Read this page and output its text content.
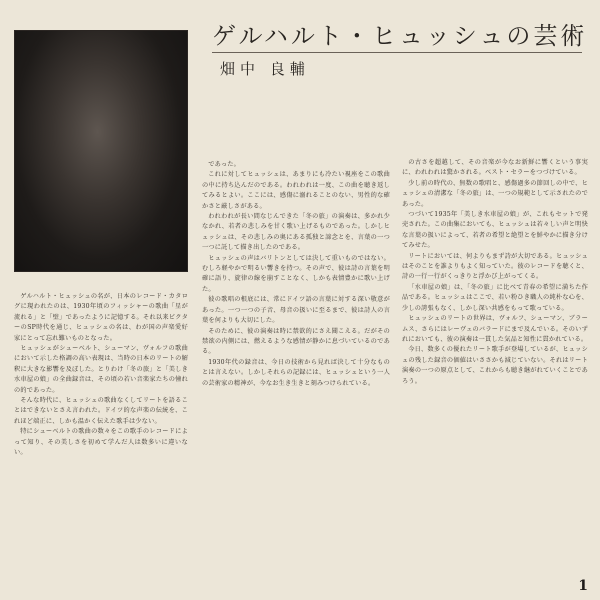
ゲルハルト・ヒュッシュの芸術
畑中 良輔

ゲルハルト・ヒュッシュの名が、日本のレコード・カタログに現われたのは、1930年頃のフィッシャーの歌曲「星が流れる」と「壁」であったように記憶する。それ以来ビクターのSP時代を通じ、ヒュッシュの名は、わが国の声楽愛好家にとって忘れ難いものとなった。

ヒュッシュがシューベルト、シューマン、ヴォルフの歌曲において示した格調の高い表現は、当時の日本のリートの解釈に大きな影響を及ぼした。とりわけ「冬の旅」と「美しき水車屋の娘」の全曲録音は、その頃の若い音楽家たちの憧れの的であった。

そんな時代に、ヒュッシュの歌曲なくしてリートを語ることはできないとさえ言われた。ドイツ的な声楽の伝統を、これほど端正に、しかも温かく伝えた歌手は少ない。

特にシューベルトの歌曲の数々をこの歌手のレコードによって知り、その美しさを初めて学んだ人は数多いに違いない。

であった。

これに対してヒュッシュは、あまりにも冷たい視座をこの歌曲の中に持ち込んだのである。われわれは一度、この曲を聴き返してみるとよい。ここには、感傷に溺れることのない、男性的な確かさと厳しさがある。

われわれが長い間なじんできた「冬の旅」の演奏は、多かれ少なかれ、若者の悲しみを甘く歌い上げるものであった。しかしヒュッシュは、その悲しみの奥にある孤独と諦念とを、言葉の一つ一つに託して描き出したのである。

ヒュッシュの声はバリトンとしては決して重いものではない。むしろ軽やかで明るい響きを持つ。その声で、彼は詩の言葉を明確に語り、旋律の線を崩すことなく、しかも表情豊かに歌い上げた。

彼の歌唱の根底には、常にドイツ語の言葉に対する深い敬意があった。一つ一つの子音、母音の扱いに至るまで、彼は詩人の言葉を何よりも大切にした。

そのために、彼の演奏は時に禁欲的にさえ聞こえる。だがその禁欲の内側には、燃えるような感情が静かに息づいているのである。

1930年代の録音は、今日の技術から見れば決して十分なものとは言えない。しかしそれらの記録には、ヒュッシュという一人の芸術家の精神が、今なお生き生きと刻みつけられている。

の古さを超越して、その音楽が今なお新鮮に響くという事実に、われわれは驚かされる。ベスト・セラーをつづけている。

少し前の時代の、無数の歌唱と、感傷過多の節回しの中で、ヒュッシュの清潔な「冬の旅」は、一つの規範として示されたのであった。

つづいて1935年「美しき水車屋の娘」が、これもセットで発売された。この曲集においても、ヒュッシュは若々しい声と明快な言葉の扱いによって、若者の希望と絶望とを鮮やかに描き分けてみせた。

リートにおいては、何よりもまず詩が大切である。ヒュッシュはそのことを誰よりもよく知っていた。彼のレコードを聴くと、詩の一行一行がくっきりと浮かび上がってくる。

「水車屋の娘」は、「冬の旅」に比べて青春の希望に満ちた作品である。ヒュッシュはここで、若い粉ひき職人の純朴な心を、少しの誇張もなく、しかし深い共感をもって歌っている。

ヒュッシュのリートの世界は、ヴォルフ、シューマン、ブラームス、さらにはレーヴェのバラードにまで及んでいる。そのいずれにおいても、彼の演奏は一貫した気品と知性に貫かれている。

今日、数多くの優れたリート歌手が登場しているが、ヒュッシュの残した録音の価値はいささかも減じていない。それはリート演奏の一つの原点として、これからも聴き継がれていくことであろう。

1
